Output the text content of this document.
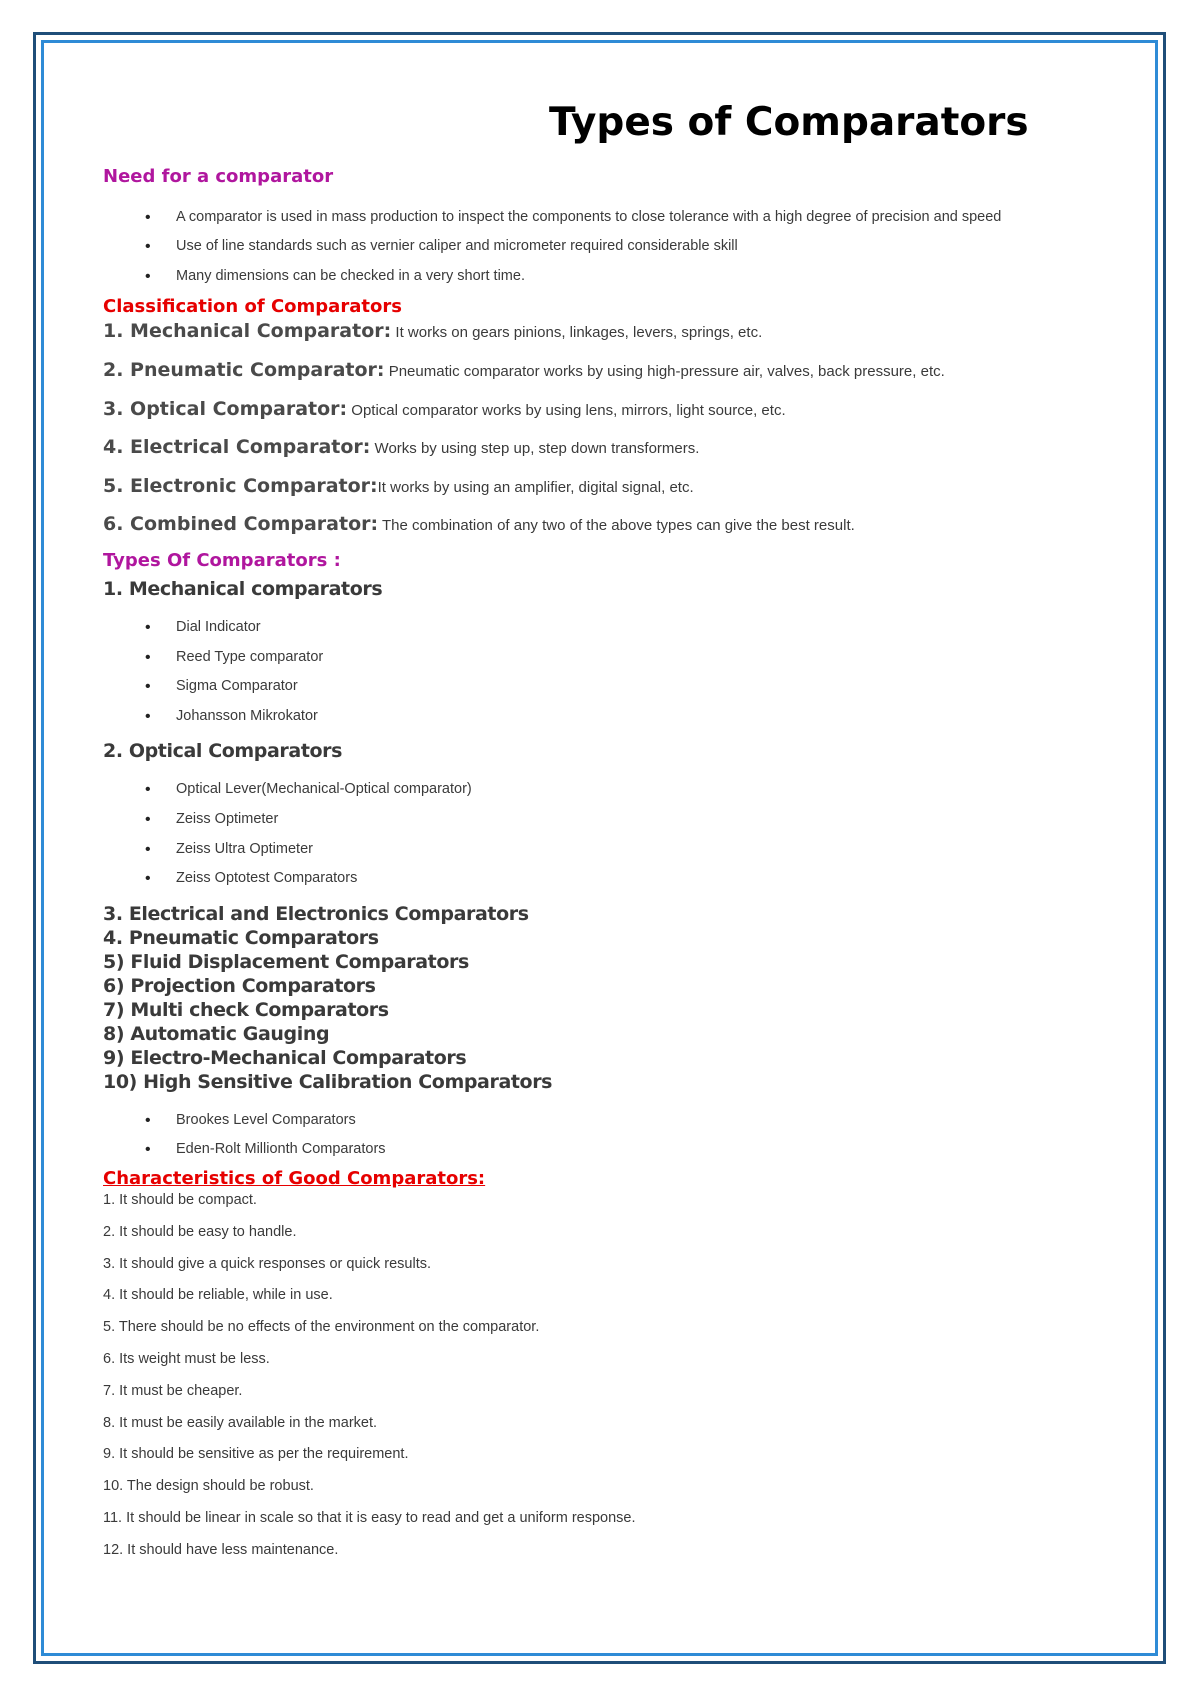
Types of Comparators
Need for a comparator
• A comparator is used in mass production to inspect the components to close tolerance with a high degree of precision and speed
• Use of line standards such as vernier caliper and micrometer required considerable skill
• Many dimensions can be checked in a very short time.
Classification of Comparators

1. Mechanical Comparator: It works on gears pinions, linkages, levers, springs, etc.

2. Pneumatic Comparator: Pneumatic comparator works by using high-pressure air, valves, back pressure, etc.

3. Optical Comparator: Optical comparator works by using lens, mirrors, light source, etc.

4. Electrical Comparator: Works by using step up, step down transformers.

5. Electronic Comparator:It works by using an amplifier, digital signal, etc.

6. Combined Comparator: The combination of any two of the above types can give the best result.

Types Of Comparators :
1. Mechanical comparators
• Dial Indicator
• Reed Type comparator
• Sigma Comparator
• Johansson Mikrokator
2. Optical Comparators
• Optical Lever(Mechanical-Optical comparator)
• Zeiss Optimeter
• Zeiss Ultra Optimeter
• Zeiss Optotest Comparators
3. Electrical and Electronics Comparators
4. Pneumatic Comparators
5) Fluid Displacement Comparators
6) Projection Comparators
7) Multi check Comparators
8) Automatic Gauging
9) Electro-Mechanical Comparators
10) High Sensitive Calibration Comparators
• Brookes Level Comparators
• Eden-Rolt Millionth Comparators
Characteristics of Good Comparators:

1. It should be compact.

2. It should be easy to handle.

3. It should give a quick responses or quick results.

4. It should be reliable, while in use.

5. There should be no effects of the environment on the comparator.

6. Its weight must be less.

7. It must be cheaper.

8. It must be easily available in the market.

9. It should be sensitive as per the requirement.

10. The design should be robust.

11. It should be linear in scale so that it is easy to read and get a uniform response.

12. It should have less maintenance.
